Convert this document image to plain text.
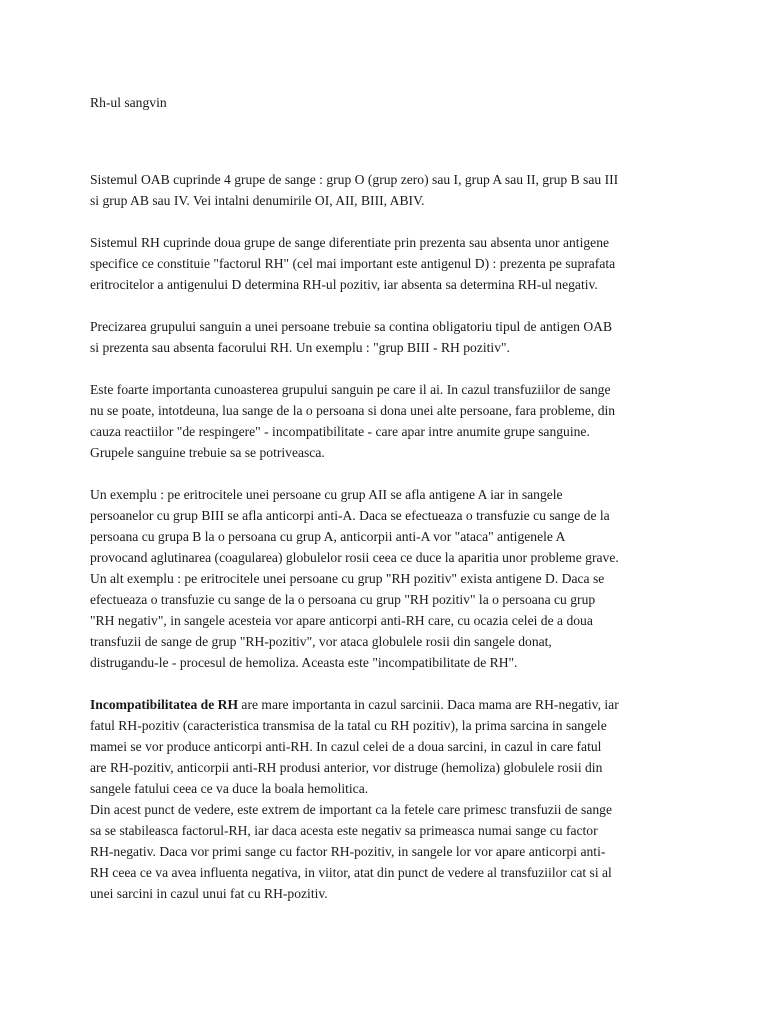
Rh-ul sangvin

Sistemul OAB cuprinde 4 grupe de sange : grup O (grup zero) sau I, grup A sau II, grup B sau III
si grup AB sau IV. Vei intalni denumirile OI, AII, BIII, ABIV.

Sistemul RH cuprinde doua grupe de sange diferentiate prin prezenta sau absenta unor antigene
specifice ce constituie "factorul RH" (cel mai important este antigenul D) : prezenta pe suprafata
eritrocitelor a antigenului D determina RH-ul pozitiv, iar absenta sa determina RH-ul negativ.

Precizarea grupului sanguin a unei persoane trebuie sa contina obligatoriu tipul de antigen OAB
si prezenta sau absenta facorului RH. Un exemplu : "grup BIII - RH pozitiv".

Este foarte importanta cunoasterea grupului sanguin pe care il ai. In cazul transfuziilor de sange
nu se poate, intotdeuna, lua sange de la o persoana si dona unei alte persoane, fara probleme, din
cauza reactiilor "de respingere" - incompatibilitate - care apar intre anumite grupe sanguine.
Grupele sanguine trebuie sa se potriveasca.

Un exemplu : pe eritrocitele unei persoane cu grup AII se afla antigene A iar in sangele
persoanelor cu grup BIII se afla anticorpi anti-A. Daca se efectueaza o transfuzie cu sange de la
persoana cu grupa B la o persoana cu grup A, anticorpii anti-A vor "ataca" antigenele A
provocand aglutinarea (coagularea) globulelor rosii ceea ce duce la aparitia unor probleme grave.
Un alt exemplu : pe eritrocitele unei persoane cu grup "RH pozitiv" exista antigene D. Daca se
efectueaza o transfuzie cu sange de la o persoana cu grup "RH pozitiv" la o persoana cu grup
"RH negativ", in sangele acesteia vor apare anticorpi anti-RH care, cu ocazia celei de a doua
transfuzii de sange de grup "RH-pozitiv", vor ataca globulele rosii din sangele donat,
distrugandu-le - procesul de hemoliza. Aceasta este "incompatibilitate de RH".

Incompatibilitatea de RH are mare importanta in cazul sarcinii. Daca mama are RH-negativ, iar
fatul RH-pozitiv (caracteristica transmisa de la tatal cu RH pozitiv), la prima sarcina in sangele
mamei se vor produce anticorpi anti-RH. In cazul celei de a doua sarcini, in cazul in care fatul
are RH-pozitiv, anticorpii anti-RH produsi anterior, vor distruge (hemoliza) globulele rosii din
sangele fatului ceea ce va duce la boala hemolitica.

Din acest punct de vedere, este extrem de important ca la fetele care primesc transfuzii de sange
sa se stabileasca factorul-RH, iar daca acesta este negativ sa primeasca numai sange cu factor
RH-negativ. Daca vor primi sange cu factor RH-pozitiv, in sangele lor vor apare anticorpi anti-
RH ceea ce va avea influenta negativa, in viitor, atat din punct de vedere al transfuziilor cat si al
unei sarcini in cazul unui fat cu RH-pozitiv.
